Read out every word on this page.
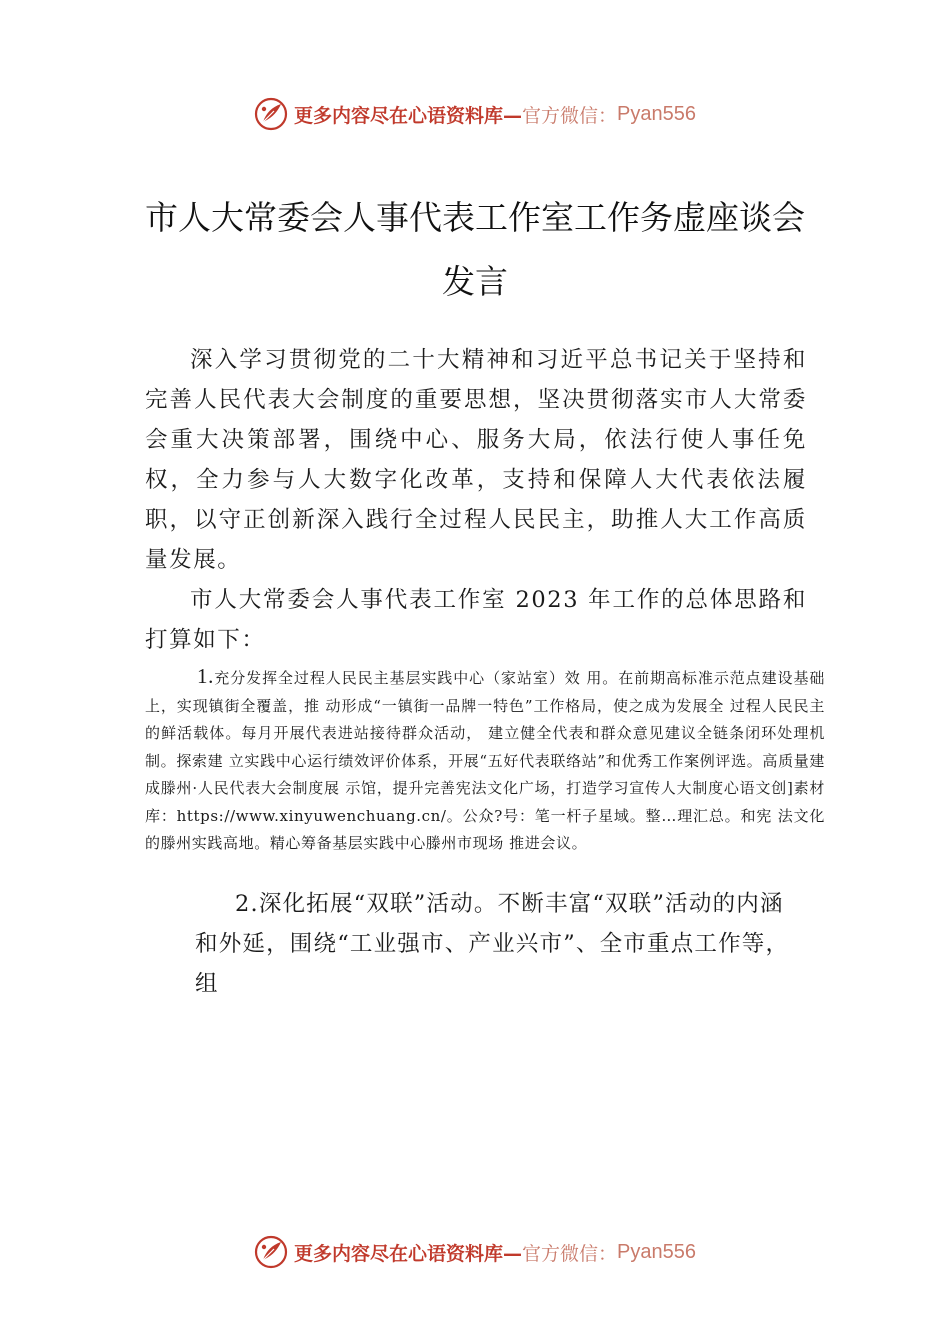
更多内容尽在心语资料库— 官方微信： Pyan556
市人大常委会人事代表工作室工作务虚座谈会发言

深入学习贯彻党的二十大精神和习近平总书记关于坚持和完善人民代表大会制度的重要思想，坚决贯彻落实市人大常委会重大决策部署，围绕中心、服务大局，依法行使人事任免权，全力参与人大数字化改革，支持和保障人大代表依法履职，以守正创新深入践行全过程人民民主，助推人大工作高质量发展。

市人大常委会人事代表工作室 2023 年工作的总体思路和打算如下：

1.充分发挥全过程人民民主基层实践中心（家站室）效 用。在前期高标准示范点建设基础上，实现镇街全覆盖，推 动形成“一镇街一品牌一特色”工作格局，使之成为发展全 过程人民民主的鲜活载体。每月开展代表进站接待群众活动， 建立健全代表和群众意见建议全链条闭环处理机制。探索建 立实践中心运行绩效评价体系，开展“五好代表联络站”和优秀工作案例评选。高质量建成滕州·人民代表大会制度展 示馆，提升完善宪法文化广场，打造学习宣传人大制度心语文创]素材库：https://www.xinyuwenchuang.cn/。公众?号：笔一杆子星域。整…理汇总。和宪 法文化的滕州实践高地。精心筹备基层实践中心滕州市现场 推进会议。

2.深化拓展“双联”活动。不断丰富“双联”活动的内涵
和外延，围绕“工业强市、产业兴市”、全市重点工作等，组
更多内容尽在心语资料库— 官方微信： Pyan556
